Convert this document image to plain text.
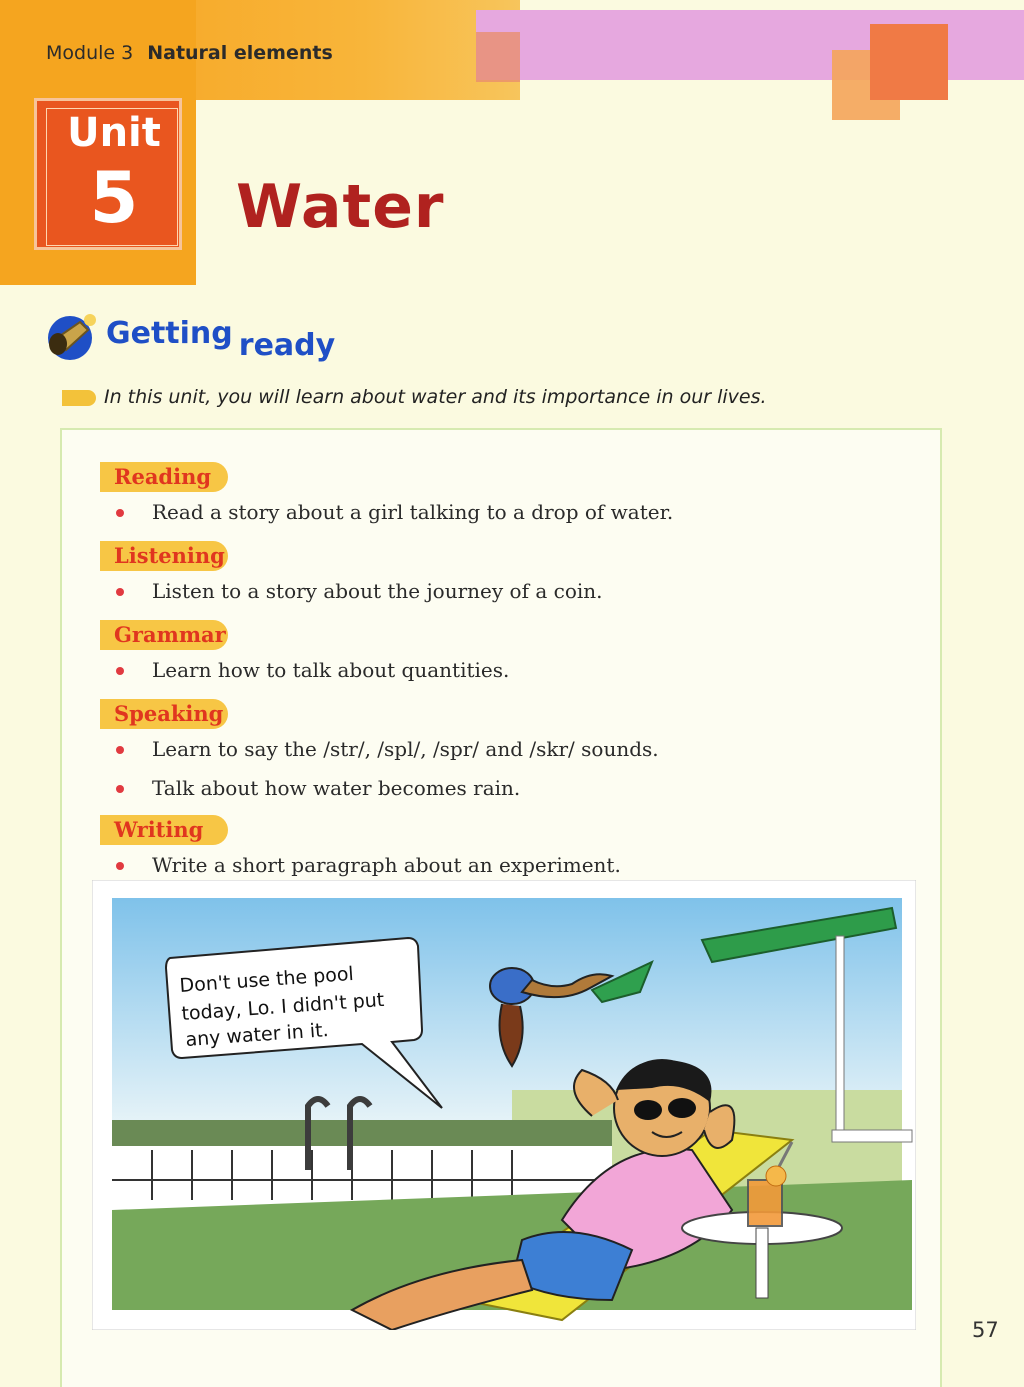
Module 3 Natural elements
Unit
5	Water
Getting ready
In this unit, you will learn about water and its importance in our lives.
Reading
Read a story about a girl talking to a drop of water.
Listening
Listen to a story about the journey of a coin.
Grammar
Learn how to talk about quantities.
Speaking
Learn to say the /str/, /spl/, /spr/ and /skr/ sounds.
Talk about how water becomes rain.
Writing
Write a short paragraph about an experiment.
Don't use the pool
today, Lo. I didn't put
any water in it.
57
